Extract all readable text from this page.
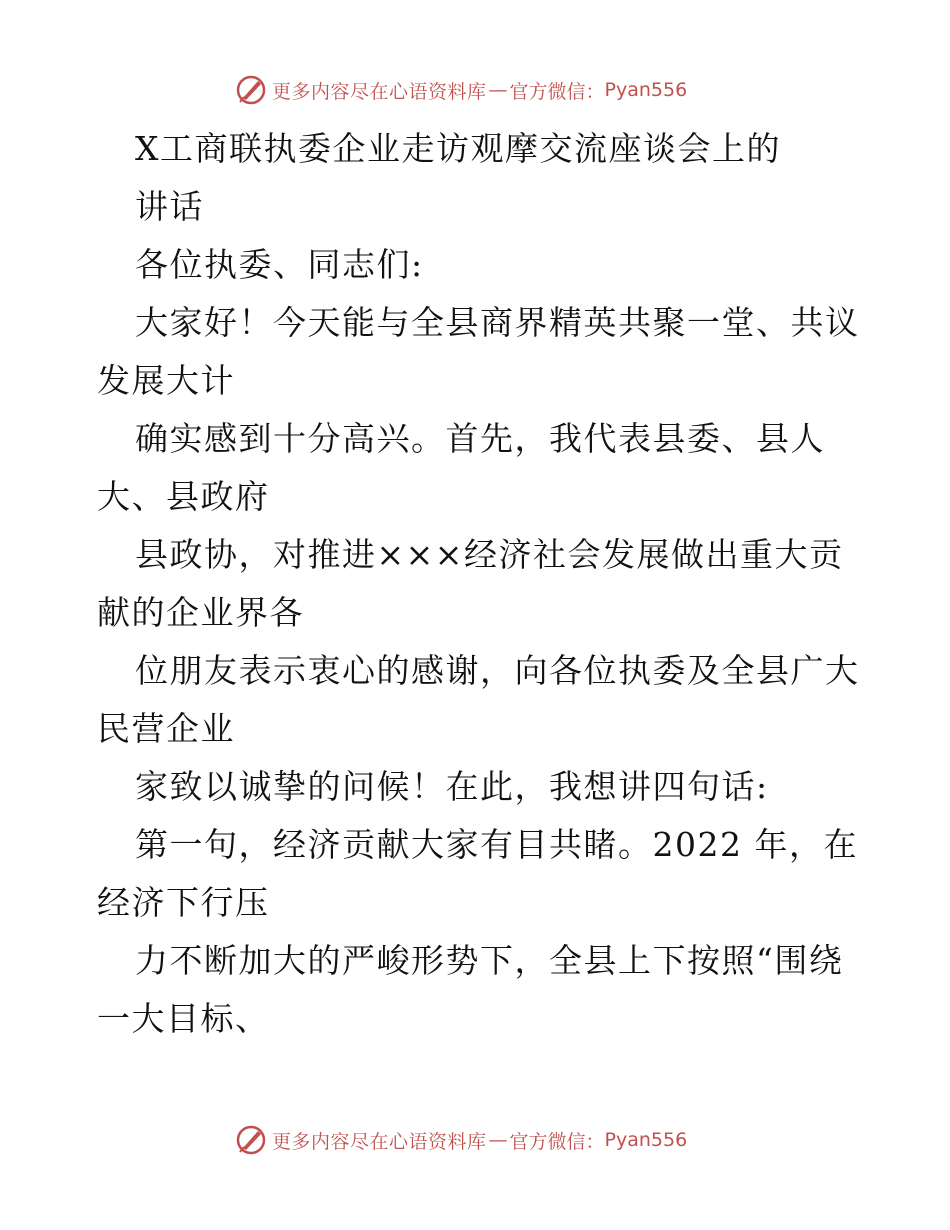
更多内容尽在心语资料库 — 官方微信： Pyan556
X工商联执委企业走访观摩交流座谈会上的
讲话
各位执委、同志们:
大家好！今天能与全县商界精英共聚一堂、共议
发展大计
确实感到十分高兴。首先，我代表县委、县人
大、县政府
县政协，对推进×××经济社会发展做出重大贡
献的企业界各
位朋友表示衷心的感谢，向各位执委及全县广大
民营企业
家致以诚挚的问候！在此，我想讲四句话:
第一句，经济贡献大家有目共睹。2022 年，在
经济下行压
力不断加大的严峻形势下，全县上下按照“围绕
一大目标、
更多内容尽在心语资料库 — 官方微信： Pyan556
